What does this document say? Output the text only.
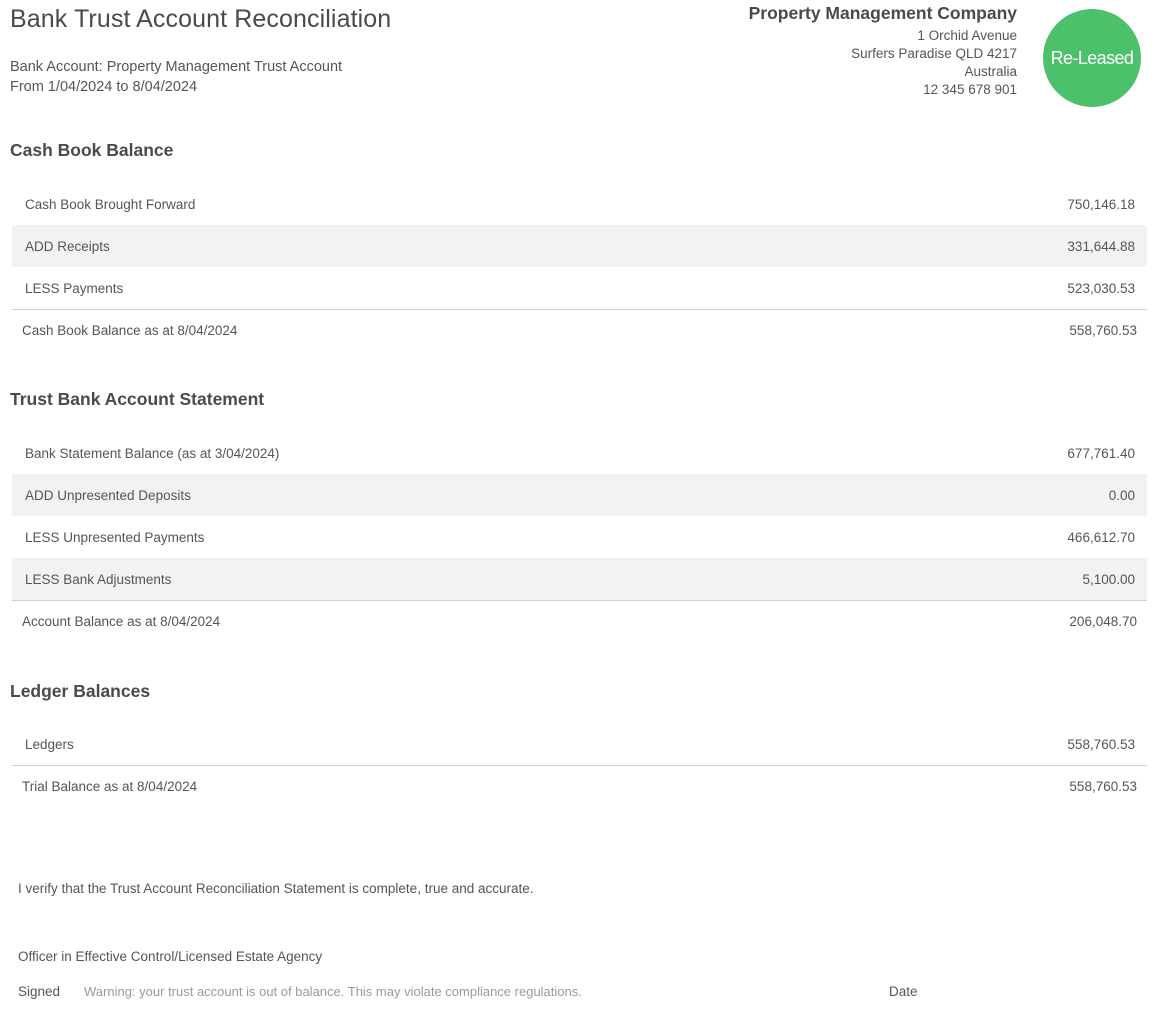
Bank Trust Account Reconciliation
Bank Account: Property Management Trust Account
From 1/04/2024 to 8/04/2024
Property Management Company
1 Orchid Avenue
Surfers Paradise QLD 4217
Australia
12 345 678 901
Re-Leased
Cash Book Balance
Cash Book Brought Forward	750,146.18
ADD Receipts	331,644.88
LESS Payments	523,030.53
Cash Book Balance as at 8/04/2024	558,760.53
Trust Bank Account Statement
Bank Statement Balance (as at 3/04/2024)	677,761.40
ADD Unpresented Deposits	0.00
LESS Unpresented Payments	466,612.70
LESS Bank Adjustments	5,100.00
Account Balance as at 8/04/2024	206,048.70
Ledger Balances
Ledgers	558,760.53
Trial Balance as at 8/04/2024	558,760.53
I verify that the Trust Account Reconciliation Statement is complete, true and accurate.
Officer in Effective Control/Licensed Estate Agency
Signed Warning: your trust account is out of balance. This may violate compliance regulations.	Date
